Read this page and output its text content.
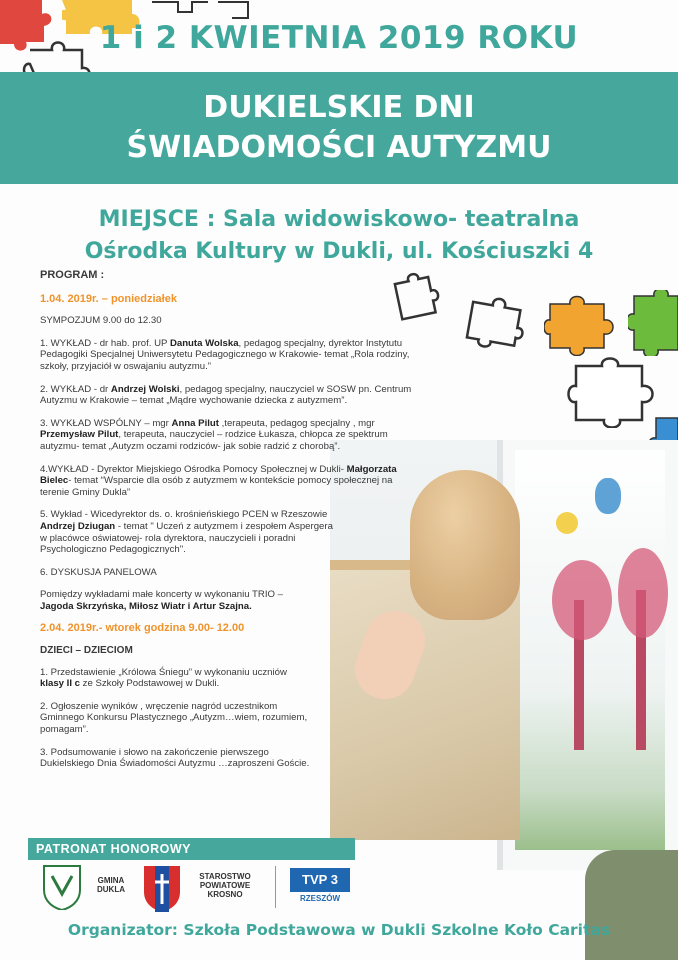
1 i 2 KWIETNIA 2019 ROKU
DUKIELSKIE DNI
ŚWIADOMOŚCI AUTYZMU
MIEJSCE : Sala widowiskowo- teatralna
Ośrodka Kultury w Dukli, ul. Kościuszki 4
PROGRAM :
1.04. 2019r. – poniedziałek
SYMPOZJUM 9.00 do 12.30
1. WYKŁAD - dr hab. prof. UP Danuta Wolska, pedagog specjalny, dyrektor Instytutu Pedagogiki Specjalnej Uniwersytetu Pedagogicznego w Krakowie- temat „Rola rodziny, szkoły, przyjaciół w oswajaniu autyzmu.”
2. WYKŁAD - dr Andrzej Wolski, pedagog specjalny, nauczyciel w SOSW pn. Centrum Autyzmu w Krakowie – temat „Mądre wychowanie dziecka z autyzmem”.
3. WYKŁAD WSPÓLNY – mgr Anna Pilut ,terapeuta, pedagog specjalny , mgr Przemysław Pilut, terapeuta, nauczyciel – rodzice Łukasza, chłopca ze spektrum autyzmu- temat „Autyzm oczami rodziców- jak sobie radzić z chorobą”.
4.WYKŁAD - Dyrektor Miejskiego Ośrodka Pomocy Społecznej w Dukli- Małgorzata Bielec- temat “Wsparcie dla osób z autyzmem w kontekście pomocy społecznej na terenie Gminy Dukla”
5. Wykład - Wicedyrektor ds. o. krośnieńskiego PCEN w Rzeszowie Andrzej Dziugan - temat " Uczeń z autyzmem i zespołem Aspergera w placówce oświatowej- rola dyrektora, nauczycieli i poradni Psychologiczno Pedagogicznych".
6. DYSKUSJA PANELOWA
Pomiędzy wykładami małe koncerty w wykonaniu TRIO – Jagoda Skrzyńska, Miłosz Wiatr i Artur Szajna.
2.04. 2019r.- wtorek godzina 9.00- 12.00
DZIECI – DZIECIOM
1. Przedstawienie „Królowa Śniegu” w wykonaniu uczniów klasy II c ze Szkoły Podstawowej w Dukli.
2. Ogłoszenie wyników , wręczenie nagród uczestnikom Gminnego Konkursu Plastycznego „Autyzm…wiem, rozumiem, pomagam”.
3. Podsumowanie i słowo na zakończenie pierwszego Dukielskiego Dnia Świadomości Autyzmu …zaproszeni Goście.
PATRONAT HONOROWY
GMINA
DUKLA
STAROSTWO
POWIATOWE
KROSNO
TVP 3
RZESZÓW
Organizator: Szkoła Podstawowa w Dukli Szkolne Koło Caritas
